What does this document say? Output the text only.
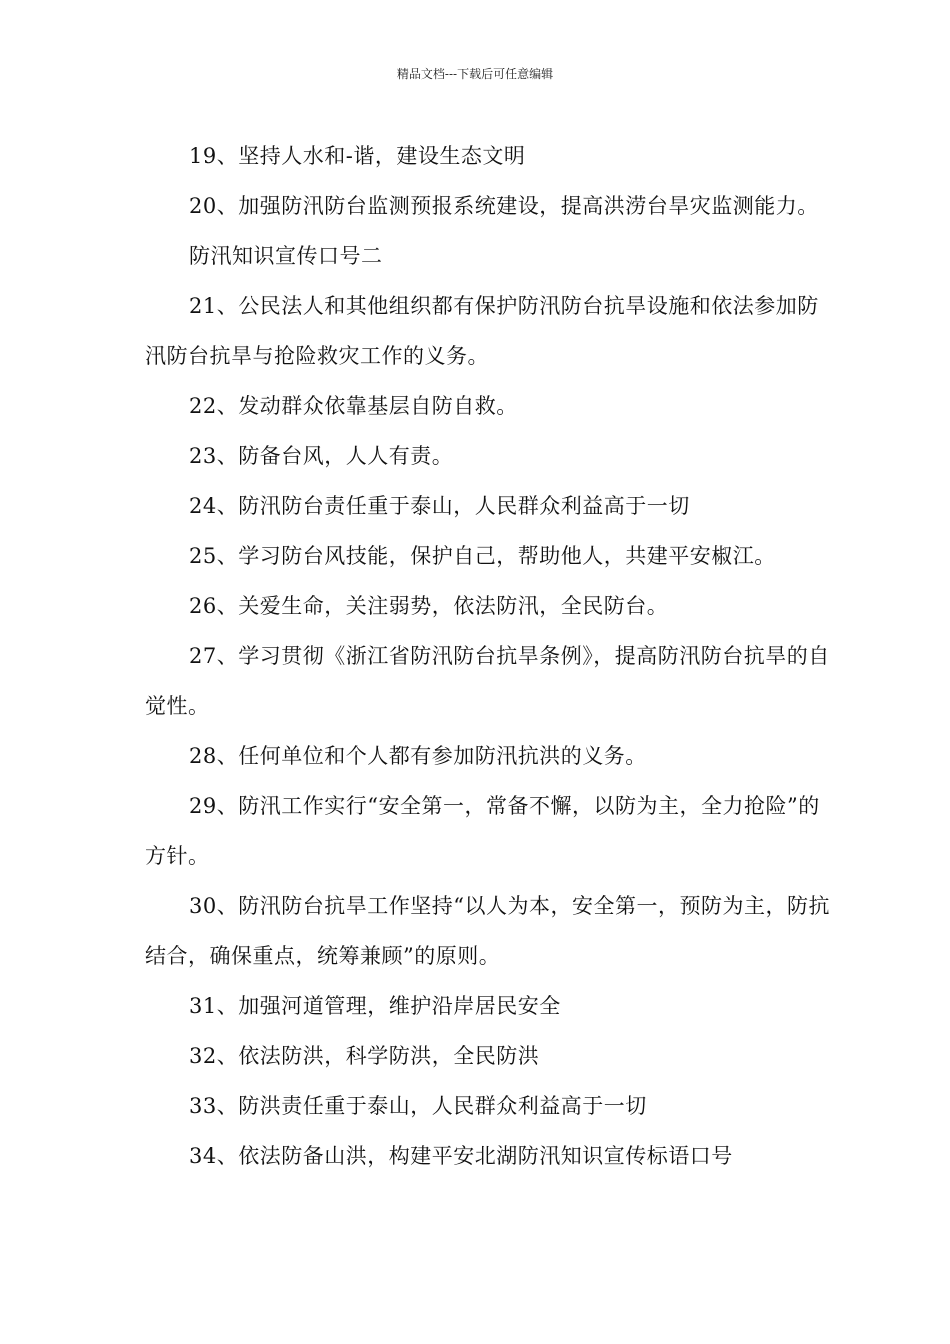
精品文档---下载后可任意编辑

19、坚持人水和-谐，建设生态文明

20、加强防汛防台监测预报系统建设，提高洪涝台旱灾监测能力。

防汛知识宣传口号二

21、公民法人和其他组织都有保护防汛防台抗旱设施和依法参加防汛防台抗旱与抢险救灾工作的义务。

22、发动群众依靠基层自防自救。

23、防备台风，人人有责。

24、防汛防台责任重于泰山，人民群众利益高于一切

25、学习防台风技能，保护自己，帮助他人，共建平安椒江。

26、关爱生命，关注弱势，依法防汛，全民防台。

27、学习贯彻《浙江省防汛防台抗旱条例》，提高防汛防台抗旱的自觉性。

28、任何单位和个人都有参加防汛抗洪的义务。

29、防汛工作实行“安全第一，常备不懈，以防为主，全力抢险”的方针。

30、防汛防台抗旱工作坚持“以人为本，安全第一，预防为主，防抗结合，确保重点，统筹兼顾”的原则。

31、加强河道管理，维护沿岸居民安全

32、依法防洪，科学防洪，全民防洪

33、防洪责任重于泰山，人民群众利益高于一切

34、依法防备山洪，构建平安北湖防汛知识宣传标语口号
